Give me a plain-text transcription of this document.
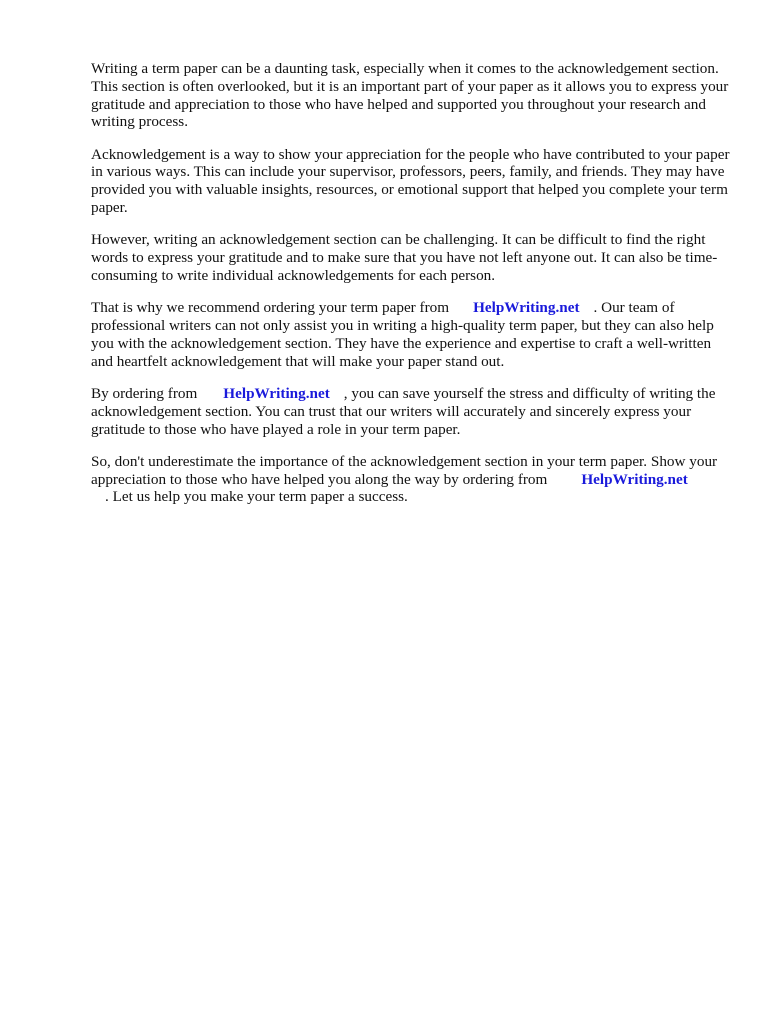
Writing a term paper can be a daunting task, especially when it comes to the acknowledgement section. This section is often overlooked, but it is an important part of your paper as it allows you to express your gratitude and appreciation to those who have helped and supported you throughout your research and writing process.

Acknowledgement is a way to show your appreciation for the people who have contributed to your paper in various ways. This can include your supervisor, professors, peers, family, and friends. They may have provided you with valuable insights, resources, or emotional support that helped you complete your term paper.

However, writing an acknowledgement section can be challenging. It can be difficult to find the right words to express your gratitude and to make sure that you have not left anyone out. It can also be time-consuming to write individual acknowledgements for each person.

That is why we recommend ordering your term paper from HelpWriting.net . Our team of professional writers can not only assist you in writing a high-quality term paper, but they can also help you with the acknowledgement section. They have the experience and expertise to craft a well-written and heartfelt acknowledgement that will make your paper stand out.

By ordering from HelpWriting.net , you can save yourself the stress and difficulty of writing the acknowledgement section. You can trust that our writers will accurately and sincerely express your gratitude to those who have played a role in your term paper.

So, don't underestimate the importance of the acknowledgement section in your term paper. Show your appreciation to those who have helped you along the way by ordering from HelpWriting.net
. Let us help you make your term paper a success.
